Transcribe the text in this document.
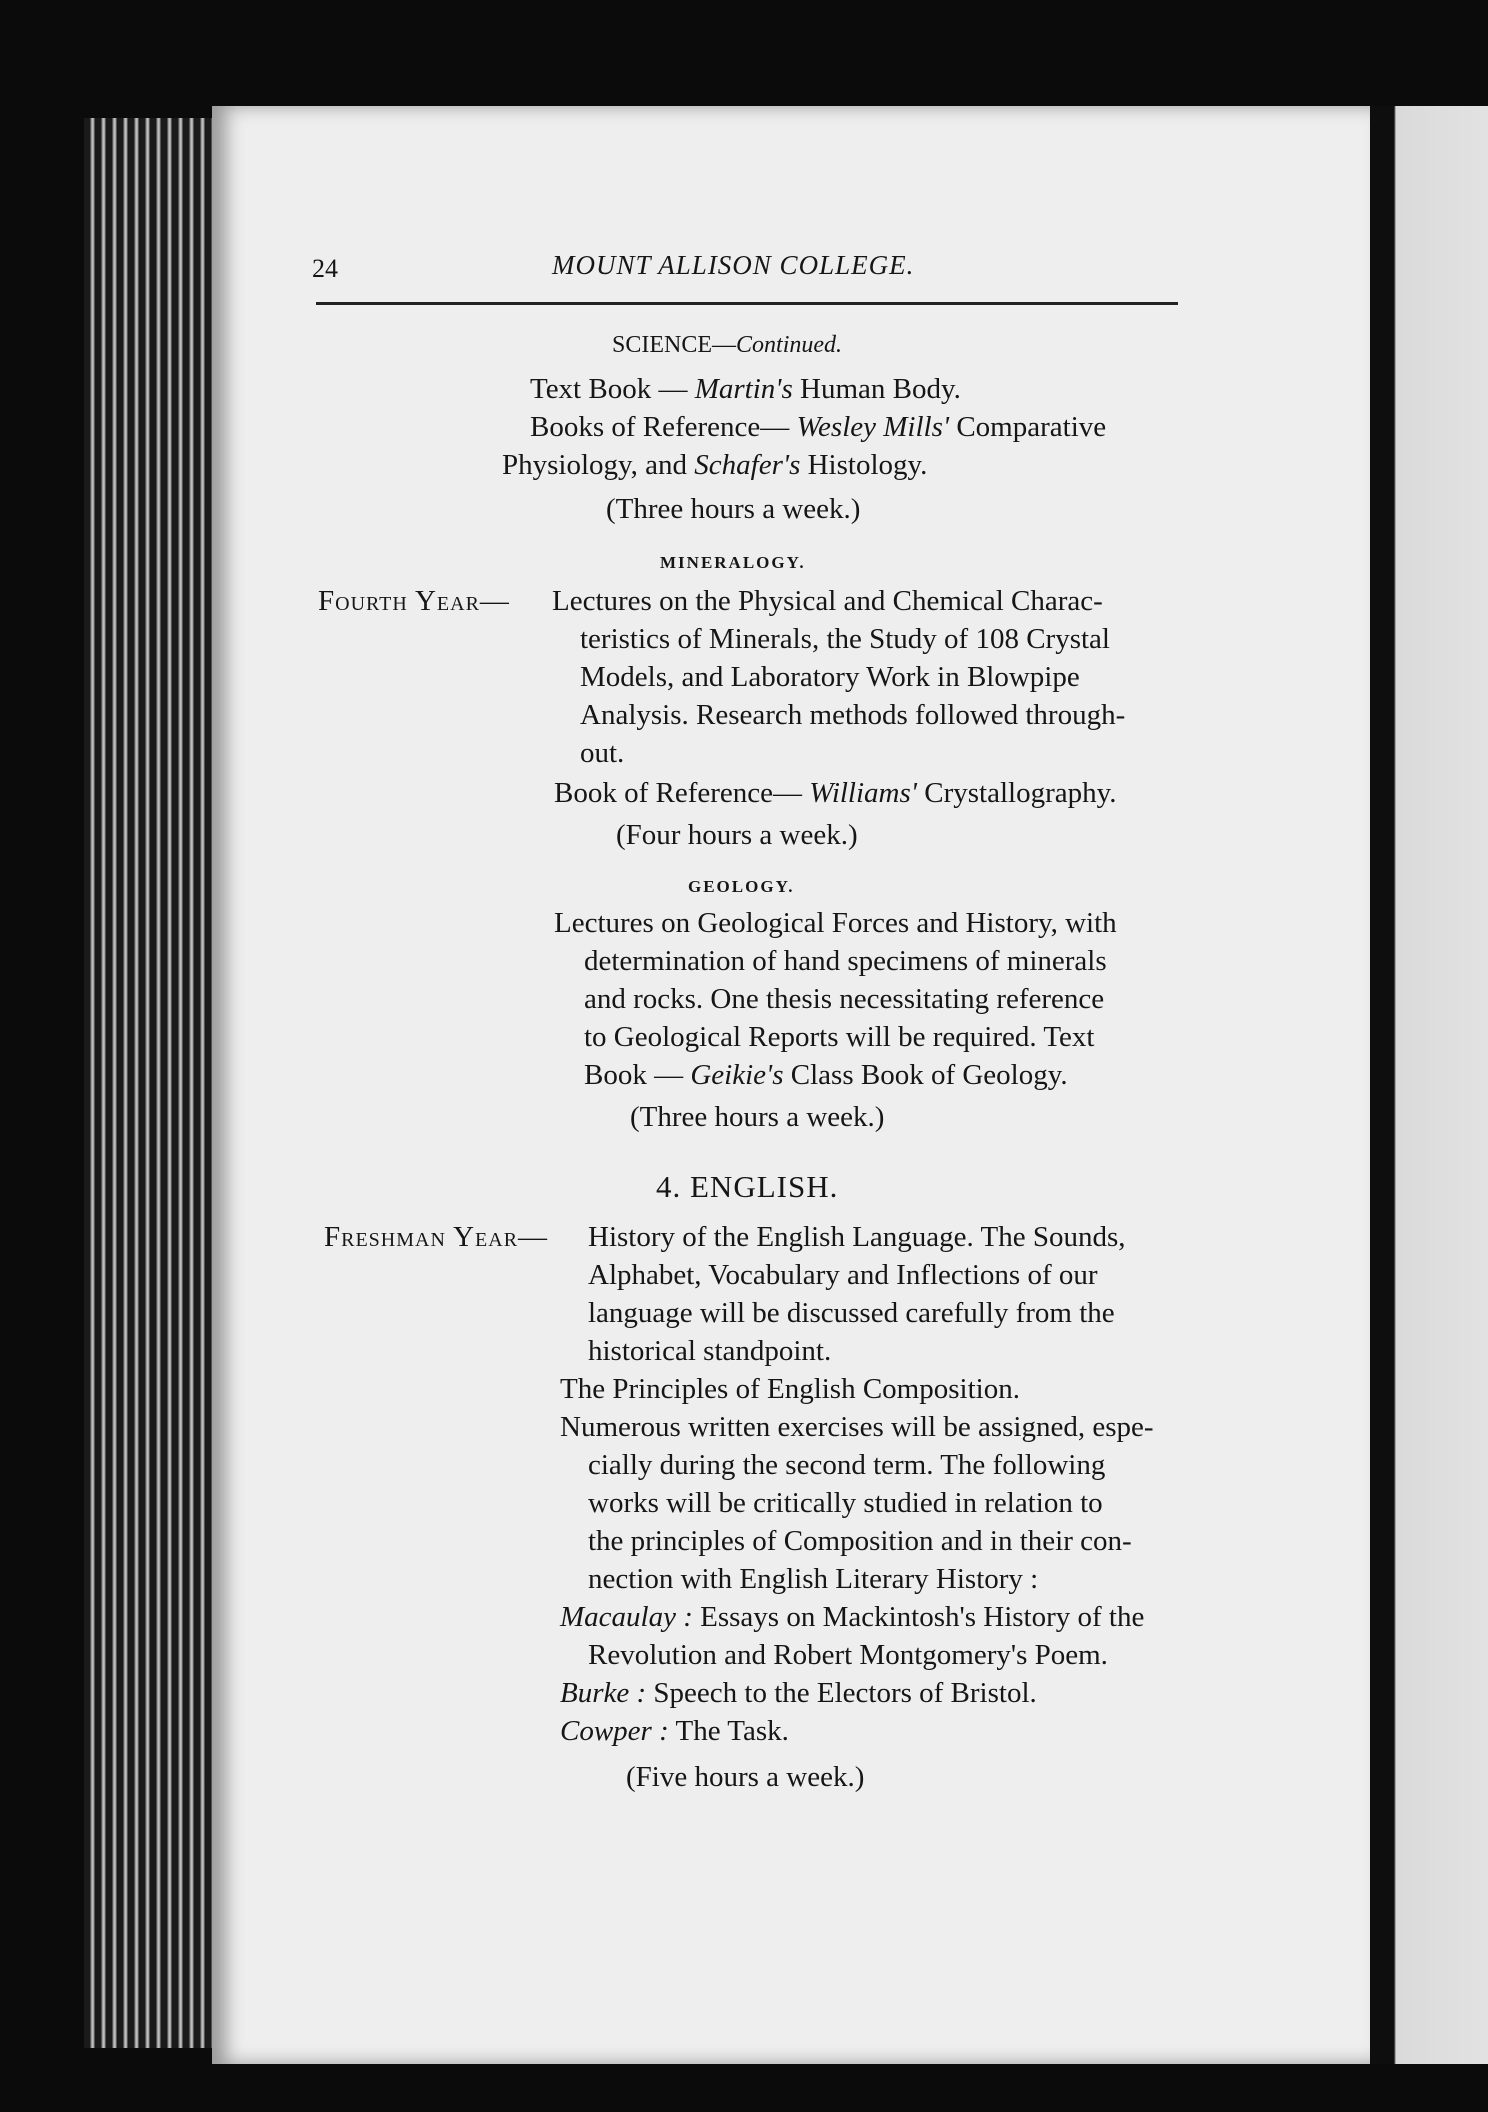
24	MOUNT ALLISON COLLEGE.
SCIENCE—Continued.
Text Book — Martin's Human Body.
Books of Reference— Wesley Mills' Comparative
Physiology, and Schafer's Histology.
(Three hours a week.)
MINERALOGY.
Fourth Year— Lectures on the Physical and Chemical Charac-
teristics of Minerals, the Study of 108 Crystal
Models, and Laboratory Work in Blowpipe
Analysis. Research methods followed through-
out.
Book of Reference— Williams' Crystallography.
(Four hours a week.)
GEOLOGY.
Lectures on Geological Forces and History, with
determination of hand specimens of minerals
and rocks. One thesis necessitating reference
to Geological Reports will be required. Text
Book — Geikie's Class Book of Geology.
(Three hours a week.)
4. ENGLISH.
Freshman Year— History of the English Language. The Sounds,
Alphabet, Vocabulary and Inflections of our
language will be discussed carefully from the
historical standpoint.
The Principles of English Composition.
Numerous written exercises will be assigned, espe-
cially during the second term. The following
works will be critically studied in relation to
the principles of Composition and in their con-
nection with English Literary History :
Macaulay : Essays on Mackintosh's History of the
Revolution and Robert Montgomery's Poem.
Burke : Speech to the Electors of Bristol.
Cowper : The Task.
(Five hours a week.)
